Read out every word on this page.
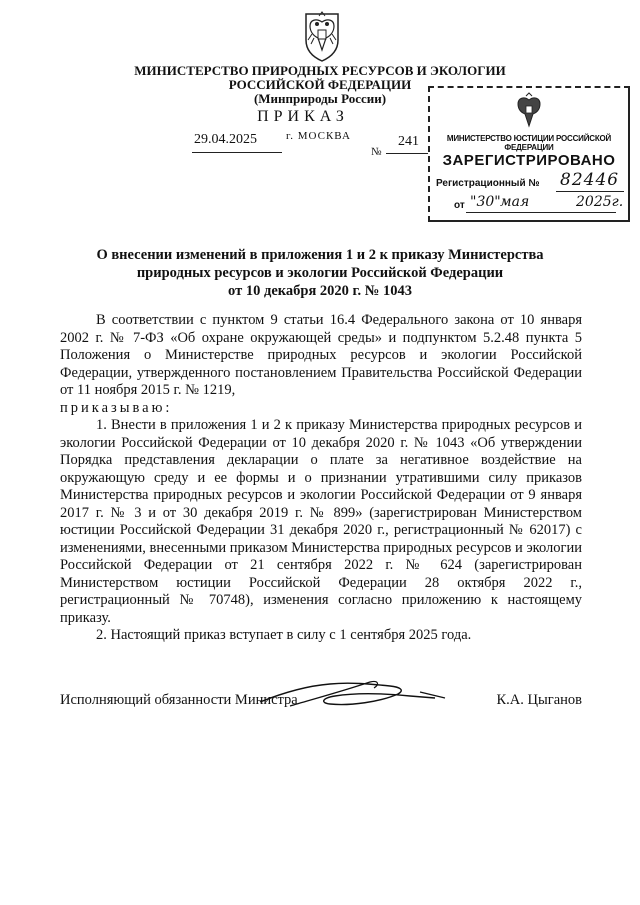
МИНИСТЕРСТВО ПРИРОДНЫХ РЕСУРСОВ И ЭКОЛОГИИ
РОССИЙСКОЙ ФЕДЕРАЦИИ
(Минприроды России)
ПРИКАЗ
29.04.2025	г. МОСКВА
№
241	МИНИСТЕРСТВО ЮСТИЦИИ РОССИЙСКОЙ ФЕДЕРАЦИИ
ЗАРЕГИСТРИРОВАНО
Регистрационный № 82446
от "30" мая	2025г.
О внесении изменений в приложения 1 и 2 к приказу Министерства
природных ресурсов и экологии Российской Федерации
от 10 декабря 2020 г. № 1043

В соответствии с пунктом 9 статьи 16.4 Федерального закона от 10 января 2002 г. № 7-ФЗ «Об охране окружающей среды» и подпунктом 5.2.48 пункта 5 Положения о Министерстве природных ресурсов и экологии Российской Федерации, утвержденного постановлением Правительства Российской Федерации от 11 ноября 2015 г. № 1219,

приказываю:

1. Внести в приложения 1 и 2 к приказу Министерства природных ресурсов и экологии Российской Федерации от 10 декабря 2020 г. № 1043 «Об утверждении Порядка представления декларации о плате за негативное воздействие на окружающую среду и ее формы и о признании утратившими силу приказов Министерства природных ресурсов и экологии Российской Федерации от 9 января 2017 г. № 3 и от 30 декабря 2019 г. № 899» (зарегистрирован Министерством юстиции Российской Федерации 31 декабря 2020 г., регистрационный № 62017) с изменениями, внесенными приказом Министерства природных ресурсов и экологии Российской Федерации от 21 сентября 2022 г. № 624 (зарегистрирован Министерством юстиции Российской Федерации 28 октября 2022 г., регистрационный № 70748), изменения согласно приложению к настоящему приказу.

2. Настоящий приказ вступает в силу с 1 сентября 2025 года.

Исполняющий обязанности Министра	К.А. Цыганов
